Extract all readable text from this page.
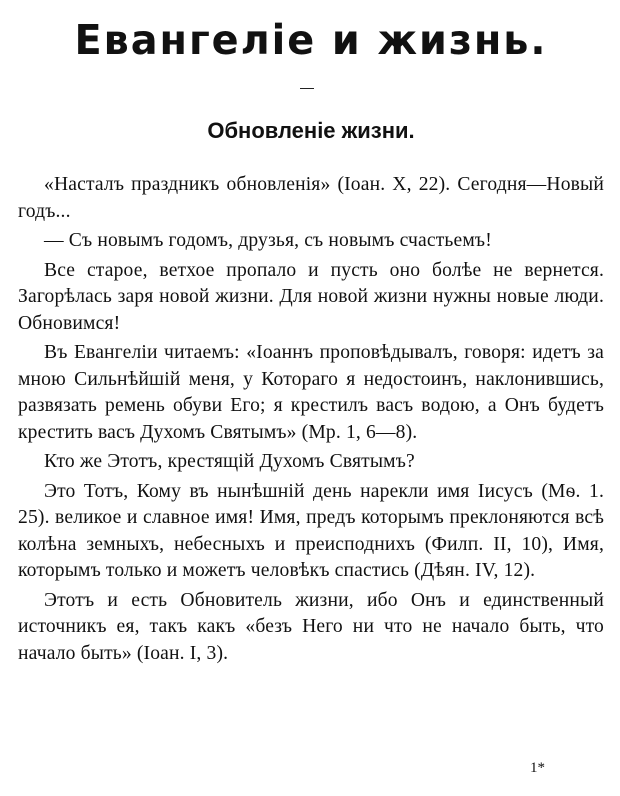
Евангеліе и жизнь.
Обновленіе жизни.

«Насталъ праздникъ обновленія» (Іоан. X, 22). Сегодня—Новый годъ...

— Съ новымъ годомъ, друзья, съ новымъ счастьемъ!

Все старое, ветхое пропало и пусть оно болѣе не вернется. Загорѣлась заря новой жизни. Для новой жизни нужны новые люди. Обновимся!

Въ Евангеліи читаемъ: «Іоаннъ проповѣдывалъ, говоря: идетъ за мною Сильнѣйшій меня, у Котораго я недостоинъ, наклонившись, развязать ремень обуви Его; я крестилъ васъ водою, а Онъ будетъ крестить васъ Духомъ Святымъ» (Мр. 1, 6—8).

Кто же Этотъ, крестящій Духомъ Святымъ?

Это Тотъ, Кому въ нынѣшній день нарекли имя Іисусъ (Мѳ. 1. 25). великое и славное имя! Имя, предъ которымъ преклоняются всѣ колѣна земныхъ, небесныхъ и преисподнихъ (Филп. II, 10), Имя, которымъ только и можетъ человѣкъ спастись (Дѣян. IV, 12).

Этотъ и есть Обновитель жизни, ибо Онъ и единственный источникъ ея, такъ какъ «безъ Него ни что не начало быть, что начало быть» (Іоан. I, 3).

1*
